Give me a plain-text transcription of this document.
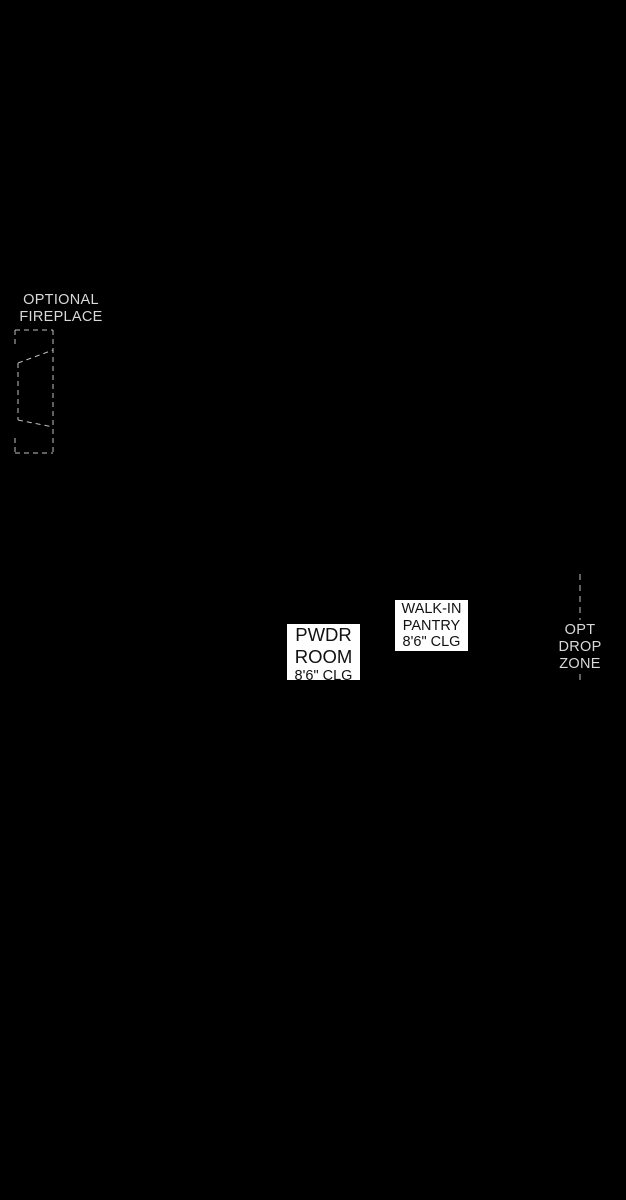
OPTIONAL
FIREPLACE
WALK-IN
PANTRY
8'6" CLG
PWDR
ROOM
8'6" CLG
OPT
DROP
ZONE
